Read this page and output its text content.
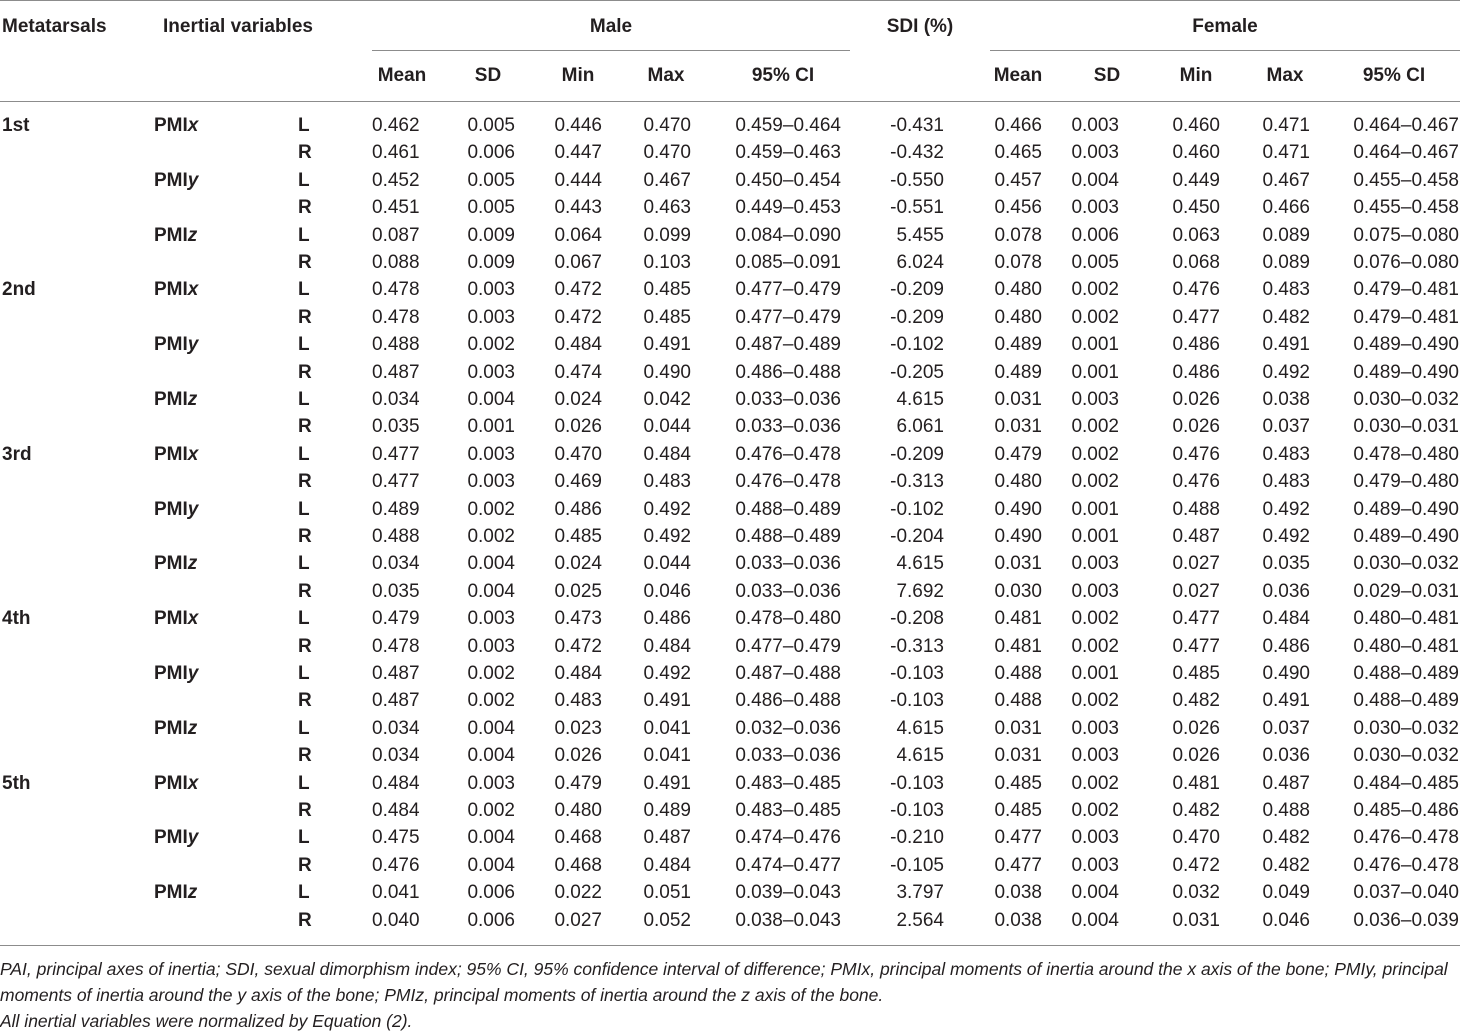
Metatarsals	Inertial variables	Male	SDI (%)	Female
Mean	SD	Min	Max	95% CI	Mean	SD	Min	Max	95% CI
1st	PMIx	L	0.462	0.005	0.446	0.470	0.459–0.464	-0.431	0.466	0.003	0.460	0.471	0.464–0.467
R	0.461	0.006	0.447	0.470	0.459–0.463	-0.432	0.465	0.003	0.460	0.471	0.464–0.467
PMIy	L	0.452	0.005	0.444	0.467	0.450–0.454	-0.550	0.457	0.004	0.449	0.467	0.455–0.458
R	0.451	0.005	0.443	0.463	0.449–0.453	-0.551	0.456	0.003	0.450	0.466	0.455–0.458
PMIz	L	0.087	0.009	0.064	0.099	0.084–0.090	5.455	0.078	0.006	0.063	0.089	0.075–0.080
R	0.088	0.009	0.067	0.103	0.085–0.091	6.024	0.078	0.005	0.068	0.089	0.076–0.080
2nd	PMIx	L	0.478	0.003	0.472	0.485	0.477–0.479	-0.209	0.480	0.002	0.476	0.483	0.479–0.481
R	0.478	0.003	0.472	0.485	0.477–0.479	-0.209	0.480	0.002	0.477	0.482	0.479–0.481
PMIy	L	0.488	0.002	0.484	0.491	0.487–0.489	-0.102	0.489	0.001	0.486	0.491	0.489–0.490
R	0.487	0.003	0.474	0.490	0.486–0.488	-0.205	0.489	0.001	0.486	0.492	0.489–0.490
PMIz	L	0.034	0.004	0.024	0.042	0.033–0.036	4.615	0.031	0.003	0.026	0.038	0.030–0.032
R	0.035	0.001	0.026	0.044	0.033–0.036	6.061	0.031	0.002	0.026	0.037	0.030–0.031
3rd	PMIx	L	0.477	0.003	0.470	0.484	0.476–0.478	-0.209	0.479	0.002	0.476	0.483	0.478–0.480
R	0.477	0.003	0.469	0.483	0.476–0.478	-0.313	0.480	0.002	0.476	0.483	0.479–0.480
PMIy	L	0.489	0.002	0.486	0.492	0.488–0.489	-0.102	0.490	0.001	0.488	0.492	0.489–0.490
R	0.488	0.002	0.485	0.492	0.488–0.489	-0.204	0.490	0.001	0.487	0.492	0.489–0.490
PMIz	L	0.034	0.004	0.024	0.044	0.033–0.036	4.615	0.031	0.003	0.027	0.035	0.030–0.032
R	0.035	0.004	0.025	0.046	0.033–0.036	7.692	0.030	0.003	0.027	0.036	0.029–0.031
4th	PMIx	L	0.479	0.003	0.473	0.486	0.478–0.480	-0.208	0.481	0.002	0.477	0.484	0.480–0.481
R	0.478	0.003	0.472	0.484	0.477–0.479	-0.313	0.481	0.002	0.477	0.486	0.480–0.481
PMIy	L	0.487	0.002	0.484	0.492	0.487–0.488	-0.103	0.488	0.001	0.485	0.490	0.488–0.489
R	0.487	0.002	0.483	0.491	0.486–0.488	-0.103	0.488	0.002	0.482	0.491	0.488–0.489
PMIz	L	0.034	0.004	0.023	0.041	0.032–0.036	4.615	0.031	0.003	0.026	0.037	0.030–0.032
R	0.034	0.004	0.026	0.041	0.033–0.036	4.615	0.031	0.003	0.026	0.036	0.030–0.032
5th	PMIx	L	0.484	0.003	0.479	0.491	0.483–0.485	-0.103	0.485	0.002	0.481	0.487	0.484–0.485
R	0.484	0.002	0.480	0.489	0.483–0.485	-0.103	0.485	0.002	0.482	0.488	0.485–0.486
PMIy	L	0.475	0.004	0.468	0.487	0.474–0.476	-0.210	0.477	0.003	0.470	0.482	0.476–0.478
R	0.476	0.004	0.468	0.484	0.474–0.477	-0.105	0.477	0.003	0.472	0.482	0.476–0.478
PMIz	L	0.041	0.006	0.022	0.051	0.039–0.043	3.797	0.038	0.004	0.032	0.049	0.037–0.040
R	0.040	0.006	0.027	0.052	0.038–0.043	2.564	0.038	0.004	0.031	0.046	0.036–0.039
PAI, principal axes of inertia; SDI, sexual dimorphism index; 95% CI, 95% confidence interval of difference; PMIx, principal moments of inertia around the x axis of the bone; PMIy, principal moments of inertia around the y axis of the bone; PMIz, principal moments of inertia around the z axis of the bone.
All inertial variables were normalized by Equation (2).
